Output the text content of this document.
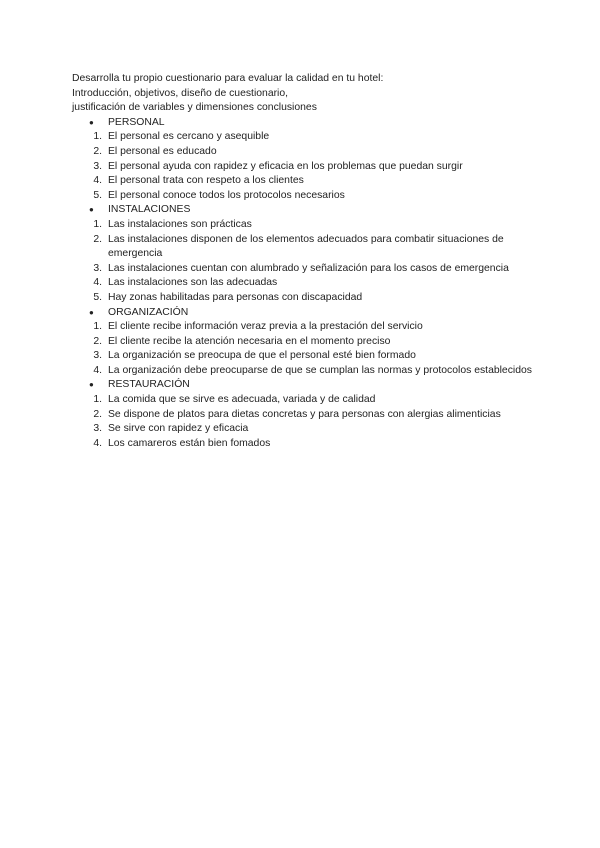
Desarrolla tu propio cuestionario para evaluar la calidad en tu hotel:

Introducción, objetivos, diseño de cuestionario,

justificación de variables y dimensiones conclusiones

● PERSONAL
1. El personal es cercano y asequible
2. El personal es educado
3. El personal ayuda con rapidez y eficacia en los problemas que puedan surgir
4. El personal trata con respeto a los clientes
5. El personal conoce todos los protocolos necesarios
● INSTALACIONES
1. Las instalaciones son prácticas
2. Las instalaciones disponen de los elementos adecuados para combatir situaciones de emergencia
3. Las instalaciones cuentan con alumbrado y señalización para los casos de emergencia
4. Las instalaciones son las adecuadas
5. Hay zonas habilitadas para personas con discapacidad
● ORGANIZACIÓN
1. El cliente recibe información veraz previa a la prestación del servicio
2. El cliente recibe la atención necesaria en el momento preciso
3. La organización se preocupa de que el personal esté bien formado
4. La organización debe preocuparse de que se cumplan las normas y protocolos establecidos
● RESTAURACIÓN
1. La comida que se sirve es adecuada, variada y de calidad
2. Se dispone de platos para dietas concretas y para personas con alergias alimenticias
3. Se sirve con rapidez y eficacia
4. Los camareros están bien fomados
